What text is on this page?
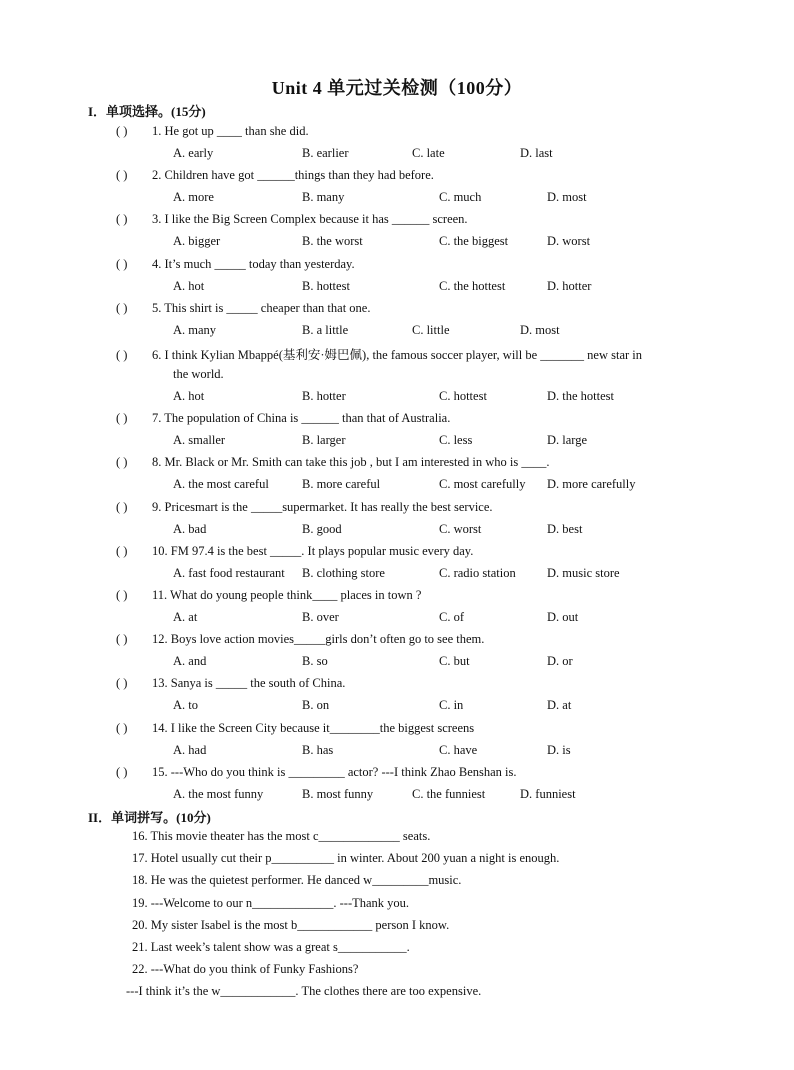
Unit 4 单元过关检测（100分）
I．单项选择。(15分)
( ) 1. He got up ____ than she did.
A. early	B. earlier	C. late	D. last
( ) 2. Children have got ______things than they had before.
A. more	B. many	C. much	D. most
( ) 3. I like the Big Screen Complex because it has ______ screen.
A. bigger	B. the worst	C. the biggest	D. worst
( ) 4. It’s much _____ today than yesterday.
A. hot	B. hottest	C. the hottest	D. hotter
( ) 5. This shirt is _____ cheaper than that one.
A. many	B. a little	C. little	D. most
( ) 6. I think Kylian Mbappé(基利安·姆巴佩), the famous soccer player, will be _______ new star in
the world.
A. hot	B. hotter	C. hottest	D. the hottest
( ) 7. The population of China is ______ than that of Australia.
A. smaller	B. larger	C. less	D. large
( ) 8. Mr. Black or Mr. Smith can take this job , but I am interested in who is ____.
A. the most careful	B. more careful	C. most carefully D. more carefully
( ) 9. Pricesmart is the _____supermarket. It has really the best service.
A. bad	B. good	C. worst	D. best
( ) 10. FM 97.4 is the best _____. It plays popular music every day.
A. fast food restaurant B. clothing store	C. radio station	D. music store
( ) 11. What do young people think____ places in town ?
A. at	B. over	C. of	D. out
( ) 12. Boys love action movies_____girls don’t often go to see them.
A. and	B. so	C. but	D. or
( ) 13. Sanya is _____ the south of China.
A. to	B. on	C. in	D. at
( ) 14. I like the Screen City because it________the biggest screens
A. had	B. has	C. have	D. is
( ) 15. ---Who do you think is _________ actor? ---I think Zhao Benshan is.
A. the most funny	B. most funny	C. the funniest	D. funniest
II．单词拼写。(10分)
16. This movie theater has the most c_____________ seats.
17. Hotel usually cut their p__________ in winter. About 200 yuan a night is enough.
18. He was the quietest performer. He danced w_________music.
19. ---Welcome to our n_____________. ---Thank you.
20. My sister Isabel is the most b____________ person I know.
21. Last week’s talent show was a great s___________.
22. ---What do you think of Funky Fashions?
---I think it’s the w____________. The clothes there are too expensive.
